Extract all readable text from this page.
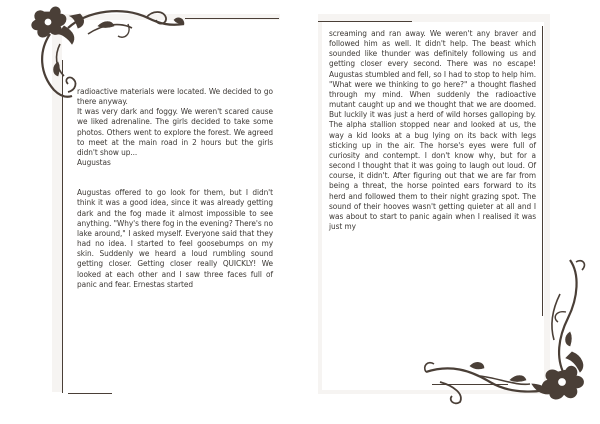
radioactive materials were located. We decided to go there anyway.

It was very dark and foggy. We weren't scared cause we liked adrenaline. The girls decided to take some photos. Others went to explore the forest. We agreed to meet at the main road in 2 hours but the girls didn't show up...

Augustas

Augustas offered to go look for them, but I didn't think it was a good idea, since it was already getting dark and the fog made it almost impossible to see anything. "Why's there fog in the evening? There's no lake around," I asked myself. Everyone said that they had no idea. I started to feel goosebumps on my skin. Suddenly we heard a loud rumbling sound getting closer. Getting closer really QUICKLY! We looked at each other and I saw three faces full of panic and fear. Ernestas started

screaming and ran away. We weren't any braver and followed him as well. It didn't help. The beast which sounded like thunder was definitely following us and getting closer every second. There was no escape! Augustas stumbled and fell, so I had to stop to help him. "What were we thinking to go here?" a thought flashed through my mind. When suddenly the radioactive mutant caught up and we thought that we are doomed. But luckily it was just a herd of wild horses galloping by. The alpha stallion stopped near and looked at us, the way a kid looks at a bug lying on its back with legs sticking up in the air. The horse's eyes were full of curiosity and contempt. I don't know why, but for a second I thought that it was going to laugh out loud. Of course, it didn't. After figuring out that we are far from being a threat, the horse pointed ears forward to its herd and followed them to their night grazing spot. The sound of their hooves wasn't getting quieter at all and I was about to start to panic again when I realised it was just my
